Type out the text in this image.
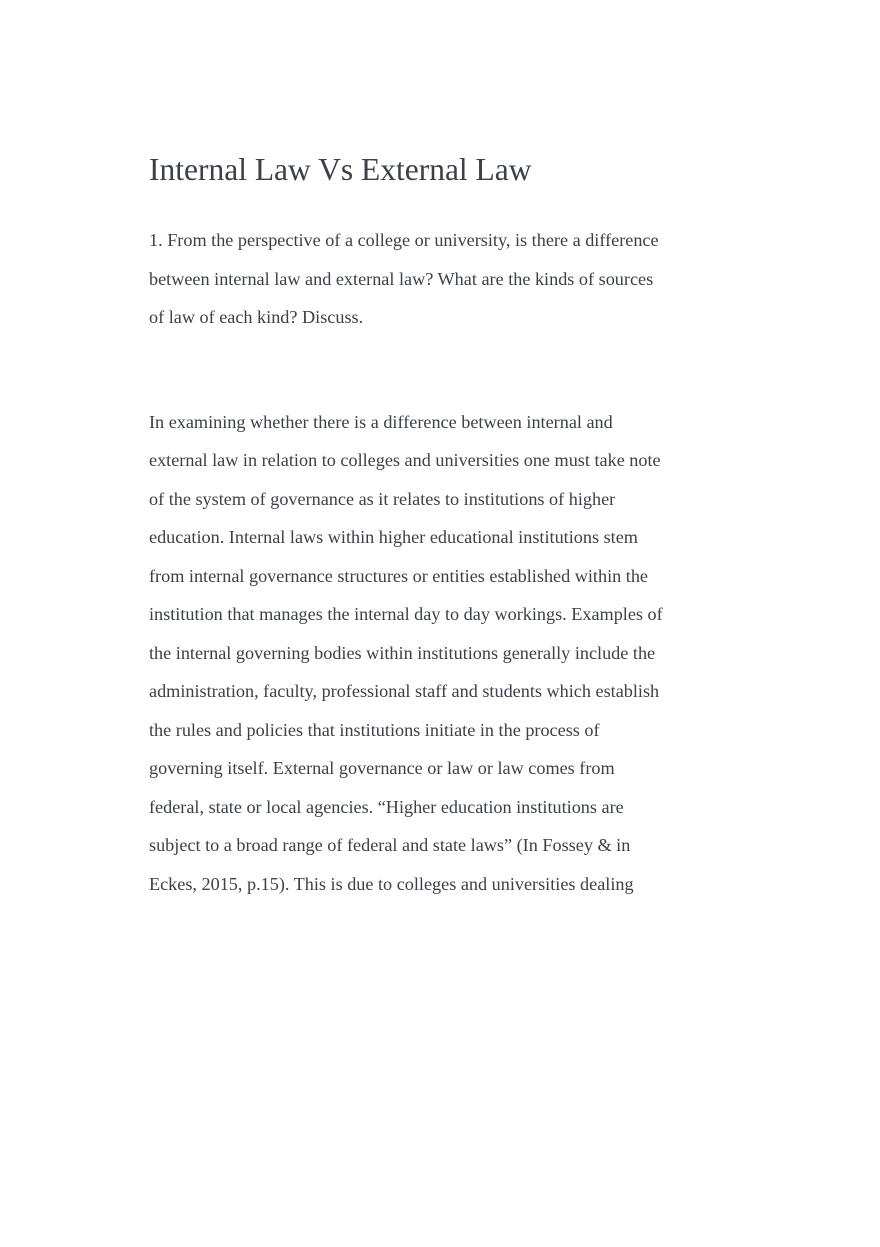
Internal Law Vs External Law

1. From the perspective of a college or university, is there a difference

between internal law and external law? What are the kinds of sources

of law of each kind? Discuss.

In examining whether there is a difference between internal and

external law in relation to colleges and universities one must take note

of the system of governance as it relates to institutions of higher

education. Internal laws within higher educational institutions stem

from internal governance structures or entities established within the

institution that manages the internal day to day workings. Examples of

the internal governing bodies within institutions generally include the

administration, faculty, professional staff and students which establish

the rules and policies that institutions initiate in the process of

governing itself. External governance or law or law comes from

federal, state or local agencies. “Higher education institutions are

subject to a broad range of federal and state laws” (In Fossey & in

Eckes, 2015, p.15). This is due to colleges and universities dealing
